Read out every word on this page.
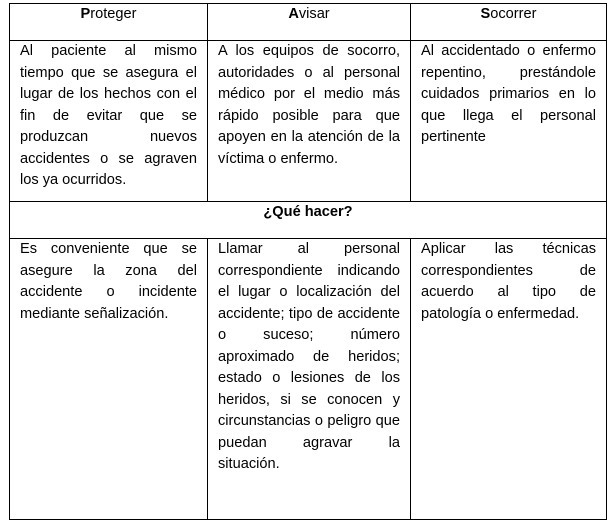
Proteger	Avisar	Socorrer
Al paciente al mismo tiempo que se asegura el lugar de los hechos con el fin de evitar que se produzcan nuevos accidentes o se agraven los ya ocurridos.	A los equipos de socorro, autoridades o al personal médico por el medio más rápido posible para que apoyen en la atención de la víctima o enfermo.	Al accidentado o enfermo repentino, prestándole cuidados primarios en lo que llega el personal pertinente
¿Qué hacer?		
Es conveniente que se asegure la zona del accidente o incidente mediante señalización.	Llamar al personal correspondiente indicando el lugar o localización del accidente; tipo de accidente o suceso; número aproximado de heridos; estado o lesiones de los heridos, si se conocen y circunstancias o peligro que puedan agravar la situación.	Aplicar las técnicas correspondientes de acuerdo al tipo de patología o enfermedad.
